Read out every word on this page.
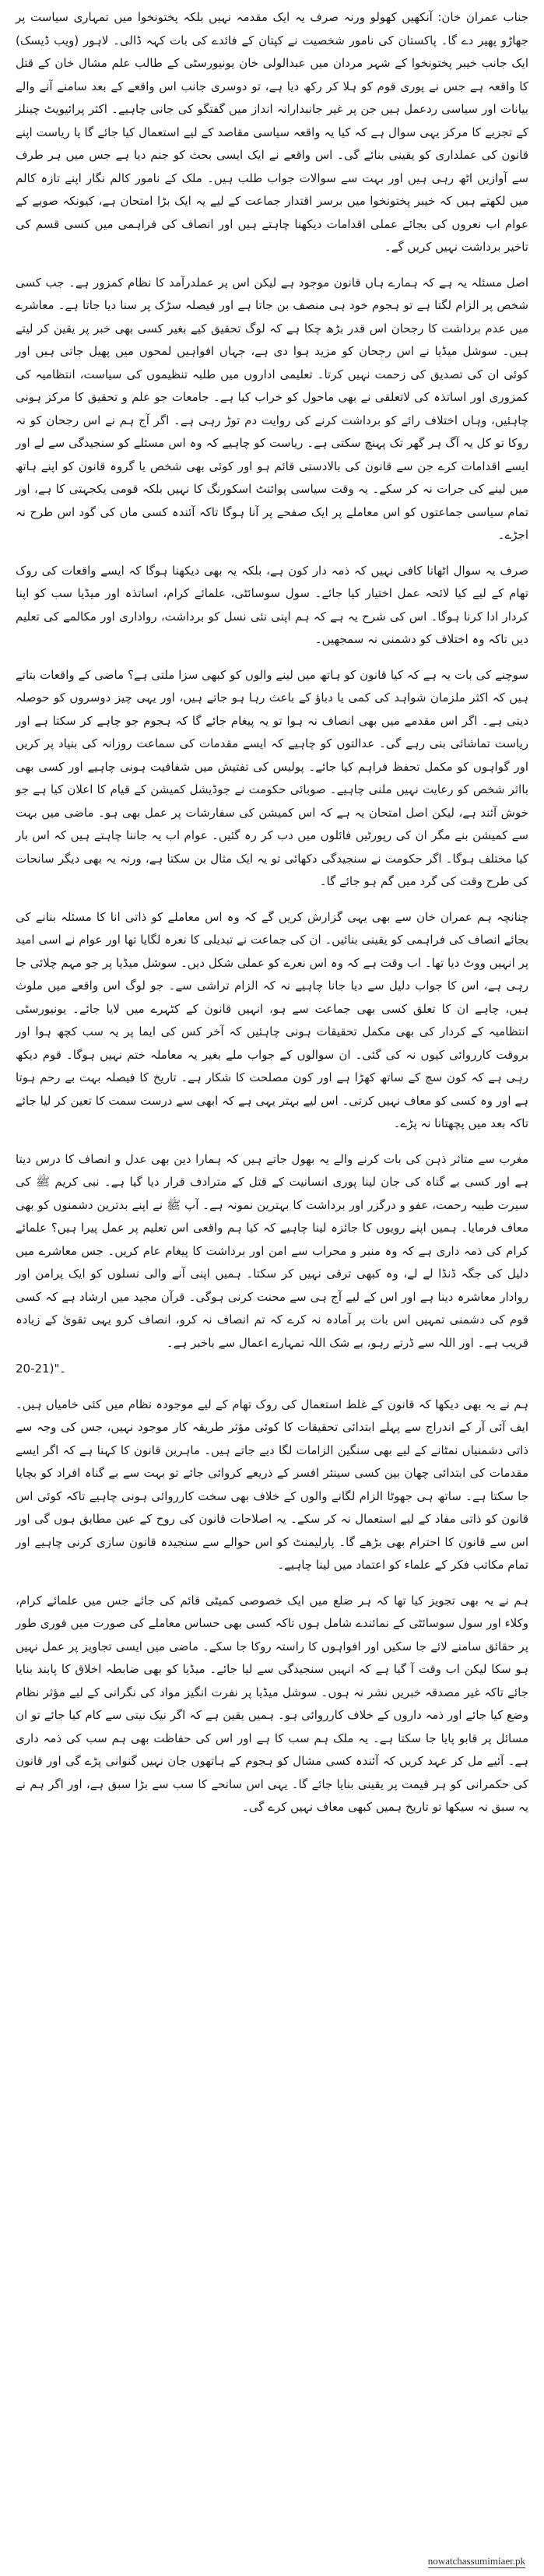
جناب عمران خان: آنکھیں کھولو ورنہ صرف یہ ایک مقدمہ نہیں بلکہ پختونخوا میں تمہاری سیاست پر جھاڑو پھیر دے گا۔ پاکستان کی نامور شخصیت نے کپتان کے فائدے کی بات کہہ ڈالی۔ لاہور (ویب ڈیسک) ایک جانب خیبر پختونخوا کے شہر مردان میں عبدالولی خان یونیورسٹی کے طالب علم مشال خان کے قتل کا واقعہ ہے جس نے پوری قوم کو ہلا کر رکھ دیا ہے، تو دوسری جانب اس واقعے کے بعد سامنے آنے والے بیانات اور سیاسی ردعمل ہیں جن پر غیر جانبدارانہ انداز میں گفتگو کی جانی چاہیے۔ اکثر پرائیویٹ چینلز کے تجزیے کا مرکز یہی سوال ہے کہ کیا یہ واقعہ سیاسی مقاصد کے لیے استعمال کیا جائے گا یا ریاست اپنے قانون کی عملداری کو یقینی بنائے گی۔ اس واقعے نے ایک ایسی بحث کو جنم دیا ہے جس میں ہر طرف سے آوازیں اٹھ رہی ہیں اور بہت سے سوالات جواب طلب ہیں۔ ملک کے نامور کالم نگار اپنے تازہ کالم میں لکھتے ہیں کہ خیبر پختونخوا میں برسر اقتدار جماعت کے لیے یہ ایک بڑا امتحان ہے، کیونکہ صوبے کے عوام اب نعروں کی بجائے عملی اقدامات دیکھنا چاہتے ہیں اور انصاف کی فراہمی میں کسی قسم کی تاخیر برداشت نہیں کریں گے۔

اصل مسئلہ یہ ہے کہ ہمارے ہاں قانون موجود ہے لیکن اس پر عملدرآمد کا نظام کمزور ہے۔ جب کسی شخص پر الزام لگتا ہے تو ہجوم خود ہی منصف بن جاتا ہے اور فیصلہ سڑک پر سنا دیا جاتا ہے۔ معاشرے میں عدم برداشت کا رجحان اس قدر بڑھ چکا ہے کہ لوگ تحقیق کیے بغیر کسی بھی خبر پر یقین کر لیتے ہیں۔ سوشل میڈیا نے اس رجحان کو مزید ہوا دی ہے، جہاں افواہیں لمحوں میں پھیل جاتی ہیں اور کوئی ان کی تصدیق کی زحمت نہیں کرتا۔ تعلیمی اداروں میں طلبہ تنظیموں کی سیاست، انتظامیہ کی کمزوری اور اساتذہ کی لاتعلقی نے بھی ماحول کو خراب کیا ہے۔ جامعات جو علم و تحقیق کا مرکز ہونی چاہئیں، وہاں اختلاف رائے کو برداشت کرنے کی روایت دم توڑ رہی ہے۔ اگر آج ہم نے اس رجحان کو نہ روکا تو کل یہ آگ ہر گھر تک پہنچ سکتی ہے۔ ریاست کو چاہیے کہ وہ اس مسئلے کو سنجیدگی سے لے اور ایسے اقدامات کرے جن سے قانون کی بالادستی قائم ہو اور کوئی بھی شخص یا گروہ قانون کو اپنے ہاتھ میں لینے کی جرات نہ کر سکے۔ یہ وقت سیاسی پوائنٹ اسکورنگ کا نہیں بلکہ قومی یکجہتی کا ہے، اور تمام سیاسی جماعتوں کو اس معاملے پر ایک صفحے پر آنا ہوگا تاکہ آئندہ کسی ماں کی گود اس طرح نہ اجڑے۔

صرف یہ سوال اٹھانا کافی نہیں کہ ذمہ دار کون ہے، بلکہ یہ بھی دیکھنا ہوگا کہ ایسے واقعات کی روک تھام کے لیے کیا لائحہ عمل اختیار کیا جائے۔ سول سوسائٹی، علمائے کرام، اساتذہ اور میڈیا سب کو اپنا کردار ادا کرنا ہوگا۔ اس کی شرح یہ ہے کہ ہم اپنی نئی نسل کو برداشت، رواداری اور مکالمے کی تعلیم دیں تاکہ وہ اختلاف کو دشمنی نہ سمجھیں۔

سوچنے کی بات یہ ہے کہ کیا قانون کو ہاتھ میں لینے والوں کو کبھی سزا ملتی ہے؟ ماضی کے واقعات بتاتے ہیں کہ اکثر ملزمان شواہد کی کمی یا دباؤ کے باعث رہا ہو جاتے ہیں، اور یہی چیز دوسروں کو حوصلہ دیتی ہے۔ اگر اس مقدمے میں بھی انصاف نہ ہوا تو یہ پیغام جائے گا کہ ہجوم جو چاہے کر سکتا ہے اور ریاست تماشائی بنی رہے گی۔ عدالتوں کو چاہیے کہ ایسے مقدمات کی سماعت روزانہ کی بنیاد پر کریں اور گواہوں کو مکمل تحفظ فراہم کیا جائے۔ پولیس کی تفتیش میں شفافیت ہونی چاہیے اور کسی بھی بااثر شخص کو رعایت نہیں ملنی چاہیے۔ صوبائی حکومت نے جوڈیشل کمیشن کے قیام کا اعلان کیا ہے جو خوش آئند ہے، لیکن اصل امتحان یہ ہے کہ اس کمیشن کی سفارشات پر عمل بھی ہو۔ ماضی میں بہت سے کمیشن بنے مگر ان کی رپورٹیں فائلوں میں دب کر رہ گئیں۔ عوام اب یہ جاننا چاہتے ہیں کہ اس بار کیا مختلف ہوگا۔ اگر حکومت نے سنجیدگی دکھائی تو یہ ایک مثال بن سکتا ہے، ورنہ یہ بھی دیگر سانحات کی طرح وقت کی گرد میں گم ہو جائے گا۔

چنانچہ ہم عمران خان سے بھی یہی گزارش کریں گے کہ وہ اس معاملے کو ذاتی انا کا مسئلہ بنانے کی بجائے انصاف کی فراہمی کو یقینی بنائیں۔ ان کی جماعت نے تبدیلی کا نعرہ لگایا تھا اور عوام نے اسی امید پر انہیں ووٹ دیا تھا۔ اب وقت ہے کہ وہ اس نعرے کو عملی شکل دیں۔ سوشل میڈیا پر جو مہم چلائی جا رہی ہے، اس کا جواب دلیل سے دیا جانا چاہیے نہ کہ الزام تراشی سے۔ جو لوگ اس واقعے میں ملوث ہیں، چاہے ان کا تعلق کسی بھی جماعت سے ہو، انہیں قانون کے کٹہرے میں لایا جائے۔ یونیورسٹی انتظامیہ کے کردار کی بھی مکمل تحقیقات ہونی چاہئیں کہ آخر کس کی ایما پر یہ سب کچھ ہوا اور بروقت کارروائی کیوں نہ کی گئی۔ ان سوالوں کے جواب ملے بغیر یہ معاملہ ختم نہیں ہوگا۔ قوم دیکھ رہی ہے کہ کون سچ کے ساتھ کھڑا ہے اور کون مصلحت کا شکار ہے۔ تاریخ کا فیصلہ بہت بے رحم ہوتا ہے اور وہ کسی کو معاف نہیں کرتی۔ اس لیے بہتر یہی ہے کہ ابھی سے درست سمت کا تعین کر لیا جائے تاکہ بعد میں پچھتانا نہ پڑے۔

مغرب سے متاثر ذہن کی بات کرنے والے یہ بھول جاتے ہیں کہ ہمارا دین بھی عدل و انصاف کا درس دیتا ہے اور کسی بے گناہ کی جان لینا پوری انسانیت کے قتل کے مترادف قرار دیا گیا ہے۔ نبی کریم ﷺ کی سیرت طیبہ رحمت، عفو و درگزر اور برداشت کا بہترین نمونہ ہے۔ آپ ﷺ نے اپنے بدترین دشمنوں کو بھی معاف فرمایا۔ ہمیں اپنے رویوں کا جائزہ لینا چاہیے کہ کیا ہم واقعی اس تعلیم پر عمل پیرا ہیں؟ علمائے کرام کی ذمہ داری ہے کہ وہ منبر و محراب سے امن اور برداشت کا پیغام عام کریں۔ جس معاشرے میں دلیل کی جگہ ڈنڈا لے لے، وہ کبھی ترقی نہیں کر سکتا۔ ہمیں اپنی آنے والی نسلوں کو ایک پرامن اور روادار معاشرہ دینا ہے اور اس کے لیے آج ہی سے محنت کرنی ہوگی۔ قرآن مجید میں ارشاد ہے کہ کسی قوم کی دشمنی تمہیں اس بات پر آمادہ نہ کرے کہ تم انصاف نہ کرو، انصاف کرو یہی تقویٰ کے زیادہ قریب ہے۔ اور اللہ سے ڈرتے رہو، بے شک اللہ تمہارے اعمال سے باخبر ہے۔

20-21)"۔

ہم نے یہ بھی دیکھا کہ قانون کے غلط استعمال کی روک تھام کے لیے موجودہ نظام میں کئی خامیاں ہیں۔ ایف آئی آر کے اندراج سے پہلے ابتدائی تحقیقات کا کوئی مؤثر طریقہ کار موجود نہیں، جس کی وجہ سے ذاتی دشمنیاں نمٹانے کے لیے بھی سنگین الزامات لگا دیے جاتے ہیں۔ ماہرین قانون کا کہنا ہے کہ اگر ایسے مقدمات کی ابتدائی چھان بین کسی سینئر افسر کے ذریعے کروائی جائے تو بہت سے بے گناہ افراد کو بچایا جا سکتا ہے۔ ساتھ ہی جھوٹا الزام لگانے والوں کے خلاف بھی سخت کارروائی ہونی چاہیے تاکہ کوئی اس قانون کو ذاتی مفاد کے لیے استعمال نہ کر سکے۔ یہ اصلاحات قانون کی روح کے عین مطابق ہوں گی اور اس سے قانون کا احترام بھی بڑھے گا۔ پارلیمنٹ کو اس حوالے سے سنجیدہ قانون سازی کرنی چاہیے اور تمام مکاتب فکر کے علماء کو اعتماد میں لینا چاہیے۔

ہم نے یہ بھی تجویز کیا تھا کہ ہر ضلع میں ایک خصوصی کمیٹی قائم کی جائے جس میں علمائے کرام، وکلاء اور سول سوسائٹی کے نمائندے شامل ہوں تاکہ کسی بھی حساس معاملے کی صورت میں فوری طور پر حقائق سامنے لائے جا سکیں اور افواہوں کا راستہ روکا جا سکے۔ ماضی میں ایسی تجاویز پر عمل نہیں ہو سکا لیکن اب وقت آ گیا ہے کہ انہیں سنجیدگی سے لیا جائے۔ میڈیا کو بھی ضابطہ اخلاق کا پابند بنایا جائے تاکہ غیر مصدقہ خبریں نشر نہ ہوں۔ سوشل میڈیا پر نفرت انگیز مواد کی نگرانی کے لیے مؤثر نظام وضع کیا جائے اور ذمہ داروں کے خلاف کارروائی ہو۔ ہمیں یقین ہے کہ اگر نیک نیتی سے کام کیا جائے تو ان مسائل پر قابو پایا جا سکتا ہے۔ یہ ملک ہم سب کا ہے اور اس کی حفاظت بھی ہم سب کی ذمہ داری ہے۔ آئیے مل کر عہد کریں کہ آئندہ کسی مشال کو ہجوم کے ہاتھوں جان نہیں گنوانی پڑے گی اور قانون کی حکمرانی کو ہر قیمت پر یقینی بنایا جائے گا۔ یہی اس سانحے کا سب سے بڑا سبق ہے، اور اگر ہم نے یہ سبق نہ سیکھا تو تاریخ ہمیں کبھی معاف نہیں کرے گی۔

nowatchassumimiaer.pk
